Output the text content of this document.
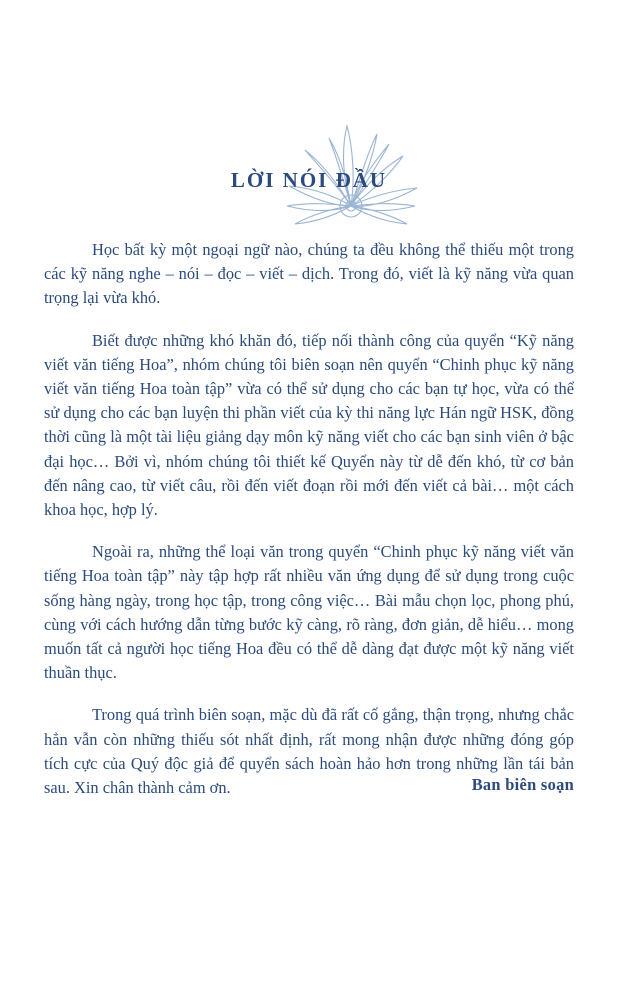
LỜI NÓI ĐẦU

Học bất kỳ một ngoại ngữ nào, chúng ta đều không thể thiếu một trong các kỹ năng nghe – nói – đọc – viết – dịch. Trong đó, viết là kỹ năng vừa quan trọng lại vừa khó.

Biết được những khó khăn đó, tiếp nối thành công của quyển “Kỹ năng viết văn tiếng Hoa”, nhóm chúng tôi biên soạn nên quyển “Chinh phục kỹ năng viết văn tiếng Hoa toàn tập” vừa có thể sử dụng cho các bạn tự học, vừa có thể sử dụng cho các bạn luyện thi phần viết của kỳ thi năng lực Hán ngữ HSK, đồng thời cũng là một tài liệu giảng dạy môn kỹ năng viết cho các bạn sinh viên ở bậc đại học… Bởi vì, nhóm chúng tôi thiết kế Quyển này từ dễ đến khó, từ cơ bản đến nâng cao, từ viết câu, rồi đến viết đoạn rồi mới đến viết cả bài… một cách khoa học, hợp lý.

Ngoài ra, những thể loại văn trong quyển “Chinh phục kỹ năng viết văn tiếng Hoa toàn tập” này tập hợp rất nhiều văn ứng dụng để sử dụng trong cuộc sống hàng ngày, trong học tập, trong công việc… Bài mẫu chọn lọc, phong phú, cùng với cách hướng dẫn từng bước kỹ càng, rõ ràng, đơn giản, dễ hiểu… mong muốn tất cả người học tiếng Hoa đều có thể dễ dàng đạt được một kỹ năng viết thuần thục.

Trong quá trình biên soạn, mặc dù đã rất cố gắng, thận trọng, nhưng chắc hẳn vẫn còn những thiếu sót nhất định, rất mong nhận được những đóng góp tích cực của Quý độc giả để quyển sách hoàn hảo hơn trong những lần tái bản sau. Xin chân thành cảm ơn.	Ban biên soạn
